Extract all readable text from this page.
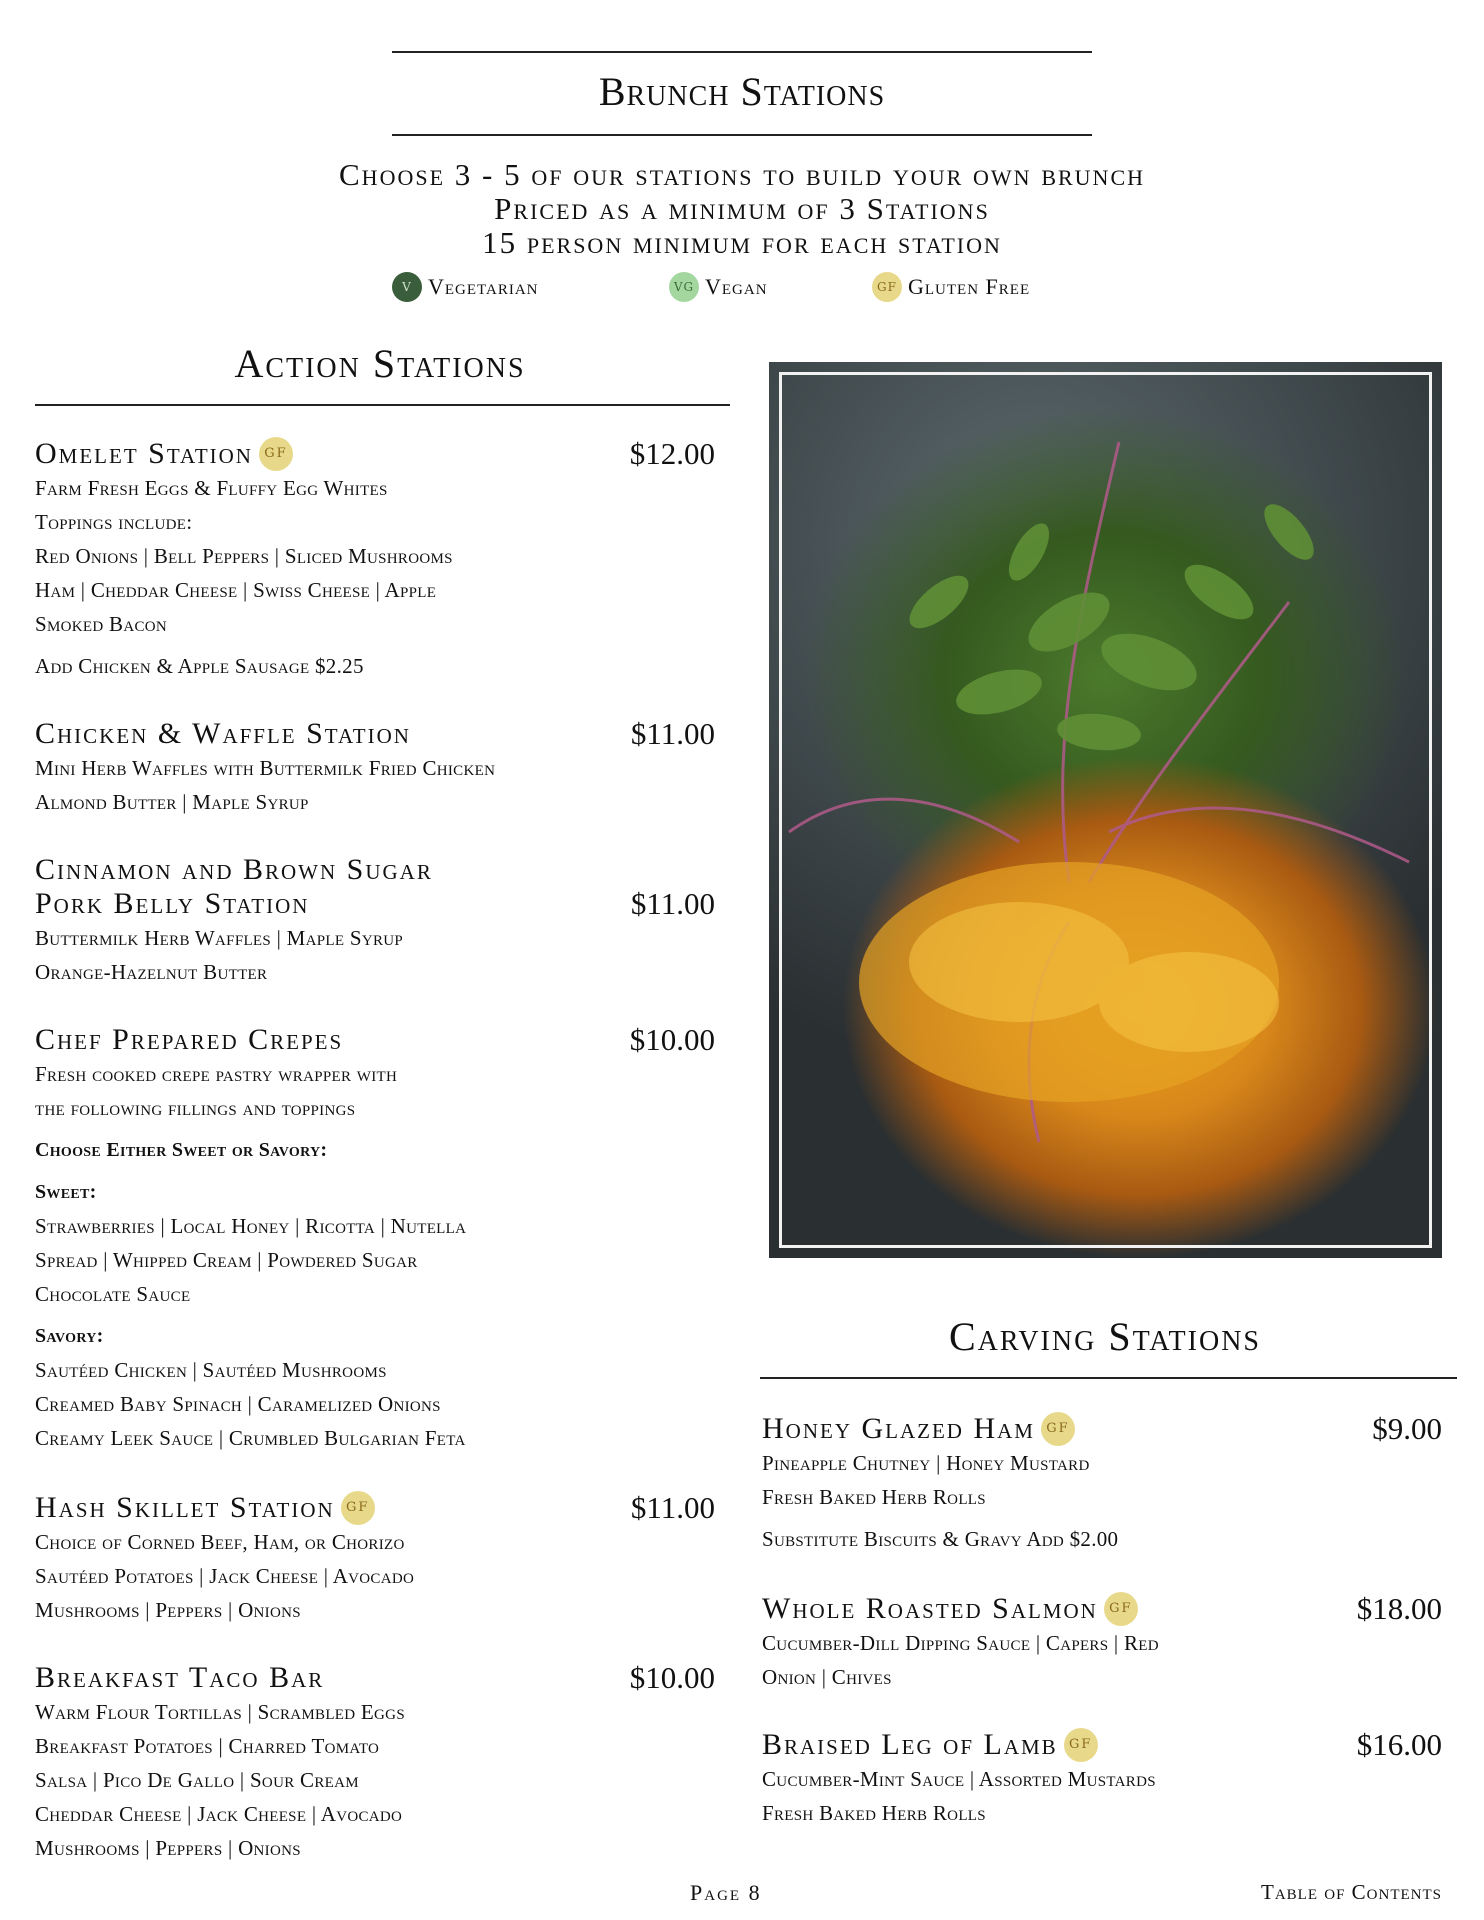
Brunch Stations
Choose 3 - 5 of our stations to build your own brunch
Priced as a minimum of 3 Stations
15 person minimum for each station
V Vegetarian	VG Vegan	GF Gluten Free
Action Stations
Omelet Station GF	$12.00
Farm Fresh Eggs & Fluffy Egg Whites
Toppings include:
Red Onions | Bell Peppers | Sliced Mushrooms
Ham | Cheddar Cheese | Swiss Cheese | Apple
Smoked Bacon
Add Chicken & Apple Sausage $2.25
Chicken & Waffle Station	$11.00
Mini Herb Waffles with Buttermilk Fried Chicken
Almond Butter | Maple Syrup
Cinnamon and Brown Sugar
Pork Belly Station	$11.00
Buttermilk Herb Waffles | Maple Syrup
Orange-Hazelnut Butter
Chef Prepared Crepes	$10.00
Fresh cooked crepe pastry wrapper with
the following fillings and toppings
Choose Either Sweet or Savory:
Sweet:
Strawberries | Local Honey | Ricotta | Nutella
Spread | Whipped Cream | Powdered Sugar
Chocolate Sauce
Savory:
Sautéed Chicken | Sautéed Mushrooms
Creamed Baby Spinach | Caramelized Onions
Creamy Leek Sauce | Crumbled Bulgarian Feta
Hash Skillet Station GF	$11.00
Choice of Corned Beef, Ham, or Chorizo
Sautéed Potatoes | Jack Cheese | Avocado
Mushrooms | Peppers | Onions
Breakfast Taco Bar	$10.00
Warm Flour Tortillas | Scrambled Eggs
Breakfast Potatoes | Charred Tomato
Salsa | Pico De Gallo | Sour Cream
Cheddar Cheese | Jack Cheese | Avocado
Mushrooms | Peppers | Onions
Carving Stations
Honey Glazed Ham GF	$9.00
Pineapple Chutney | Honey Mustard
Fresh Baked Herb Rolls
Substitute Biscuits & Gravy Add $2.00
Whole Roasted Salmon GF	$18.00
Cucumber-Dill Dipping Sauce | Capers | Red
Onion | Chives
Braised Leg of Lamb GF	$16.00
Cucumber-Mint Sauce | Assorted Mustards
Fresh Baked Herb Rolls
Page 8	Table of Contents
